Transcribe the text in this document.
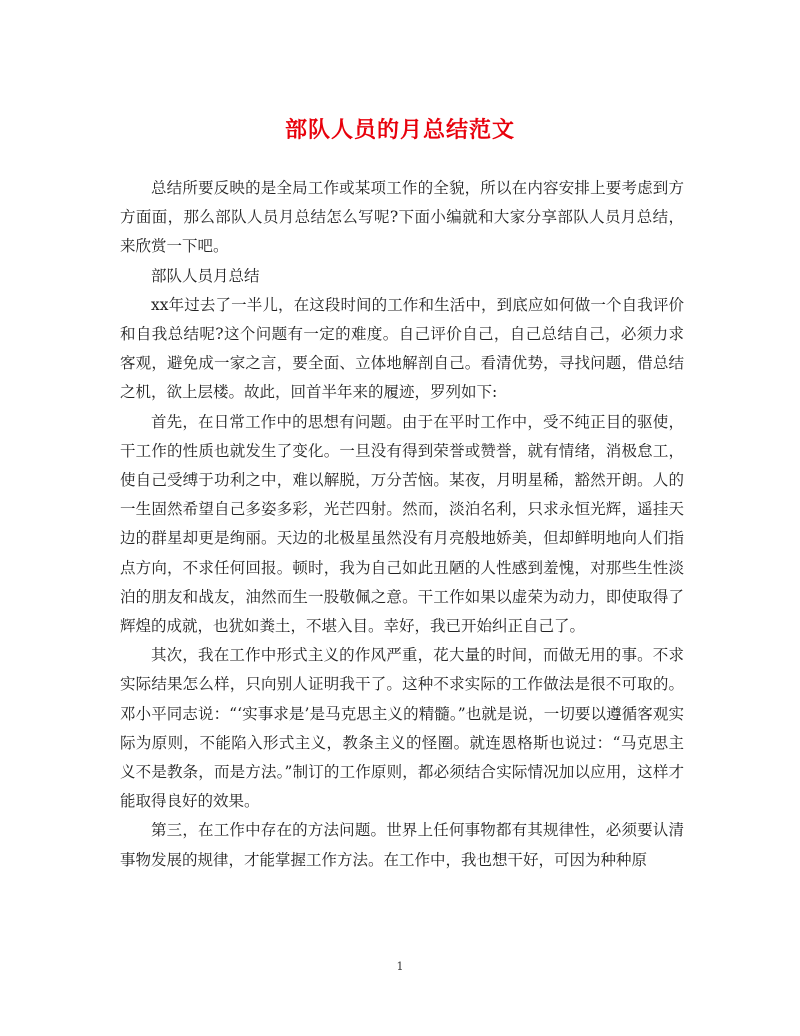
部队人员的月总结范文

总结所要反映的是全局工作或某项工作的全貌，所以在内容安排上要考虑到方方面面，那么部队人员月总结怎么写呢?下面小编就和大家分享部队人员月总结，来欣赏一下吧。

部队人员月总结

xx年过去了一半儿，在这段时间的工作和生活中，到底应如何做一个自我评价和自我总结呢?这个问题有一定的难度。自己评价自己，自己总结自己，必须力求客观，避免成一家之言，要全面、立体地解剖自己。看清优势，寻找问题，借总结之机，欲上层楼。故此，回首半年来的履迹，罗列如下:

首先，在日常工作中的思想有问题。由于在平时工作中，受不纯正目的驱使，干工作的性质也就发生了变化。一旦没有得到荣誉或赞誉，就有情绪，消极怠工，使自己受缚于功利之中，难以解脱，万分苦恼。某夜，月明星稀，豁然开朗。人的一生固然希望自己多姿多彩，光芒四射。然而，淡泊名利，只求永恒光辉，遥挂天边的群星却更是绚丽。天边的北极星虽然没有月亮般地娇美，但却鲜明地向人们指点方向，不求任何回报。顿时，我为自己如此丑陋的人性感到羞愧，对那些生性淡泊的朋友和战友，油然而生一股敬佩之意。干工作如果以虚荣为动力，即使取得了辉煌的成就，也犹如粪土，不堪入目。幸好，我已开始纠正自己了。

其次，我在工作中形式主义的作风严重，花大量的时间，而做无用的事。不求实际结果怎么样，只向别人证明我干了。这种不求实际的工作做法是很不可取的。邓小平同志说：“‘实事求是’是马克思主义的精髓。”也就是说，一切要以遵循客观实际为原则，不能陷入形式主义，教条主义的怪圈。就连恩格斯也说过：“马克思主义不是教条，而是方法。”制订的工作原则，都必须结合实际情况加以应用，这样才能取得良好的效果。

第三，在工作中存在的方法问题。世界上任何事物都有其规律性，必须要认清事物发展的规律，才能掌握工作方法。在工作中，我也想干好，可因为种种原

1
